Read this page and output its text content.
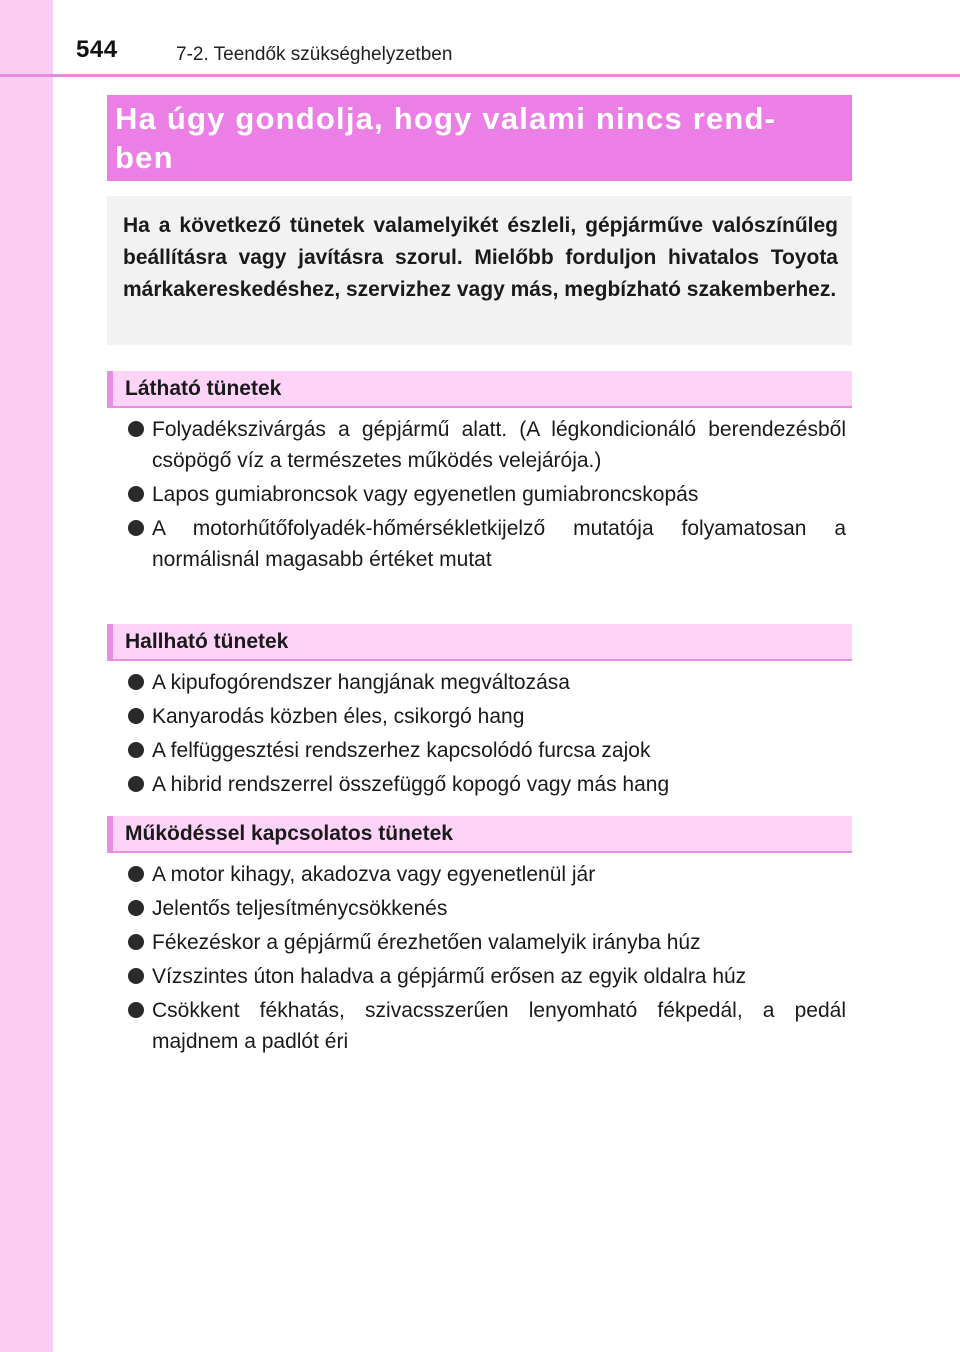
544	7-2. Teendők szükséghelyzetben
Ha úgy gondolja, hogy valami nincs rend-
ben
Ha a következő tünetek valamelyikét észleli, gépjárműve valószínűleg beállításra vagy javításra szorul. Mielőbb forduljon hivatalos Toyota márkakereskedéshez, szervizhez vagy más, megbízható szakemberhez.
Látható tünetek
Folyadékszivárgás a gépjármű alatt. (A légkondicionáló berendezésből csöpögő víz a természetes működés velejárója.)
Lapos gumiabroncsok vagy egyenetlen gumiabroncskopás
A motorhűtőfolyadék-hőmérsékletkijelző mutatója folyamatosan a normálisnál magasabb értéket mutat
Hallható tünetek
A kipufogórendszer hangjának megváltozása
Kanyarodás közben éles, csikorgó hang
A felfüggesztési rendszerhez kapcsolódó furcsa zajok
A hibrid rendszerrel összefüggő kopogó vagy más hang
Működéssel kapcsolatos tünetek
A motor kihagy, akadozva vagy egyenetlenül jár
Jelentős teljesítménycsökkenés
Fékezéskor a gépjármű érezhetően valamelyik irányba húz
Vízszintes úton haladva a gépjármű erősen az egyik oldalra húz
Csökkent fékhatás, szivacsszerűen lenyomható fékpedál, a pedál majdnem a padlót éri
